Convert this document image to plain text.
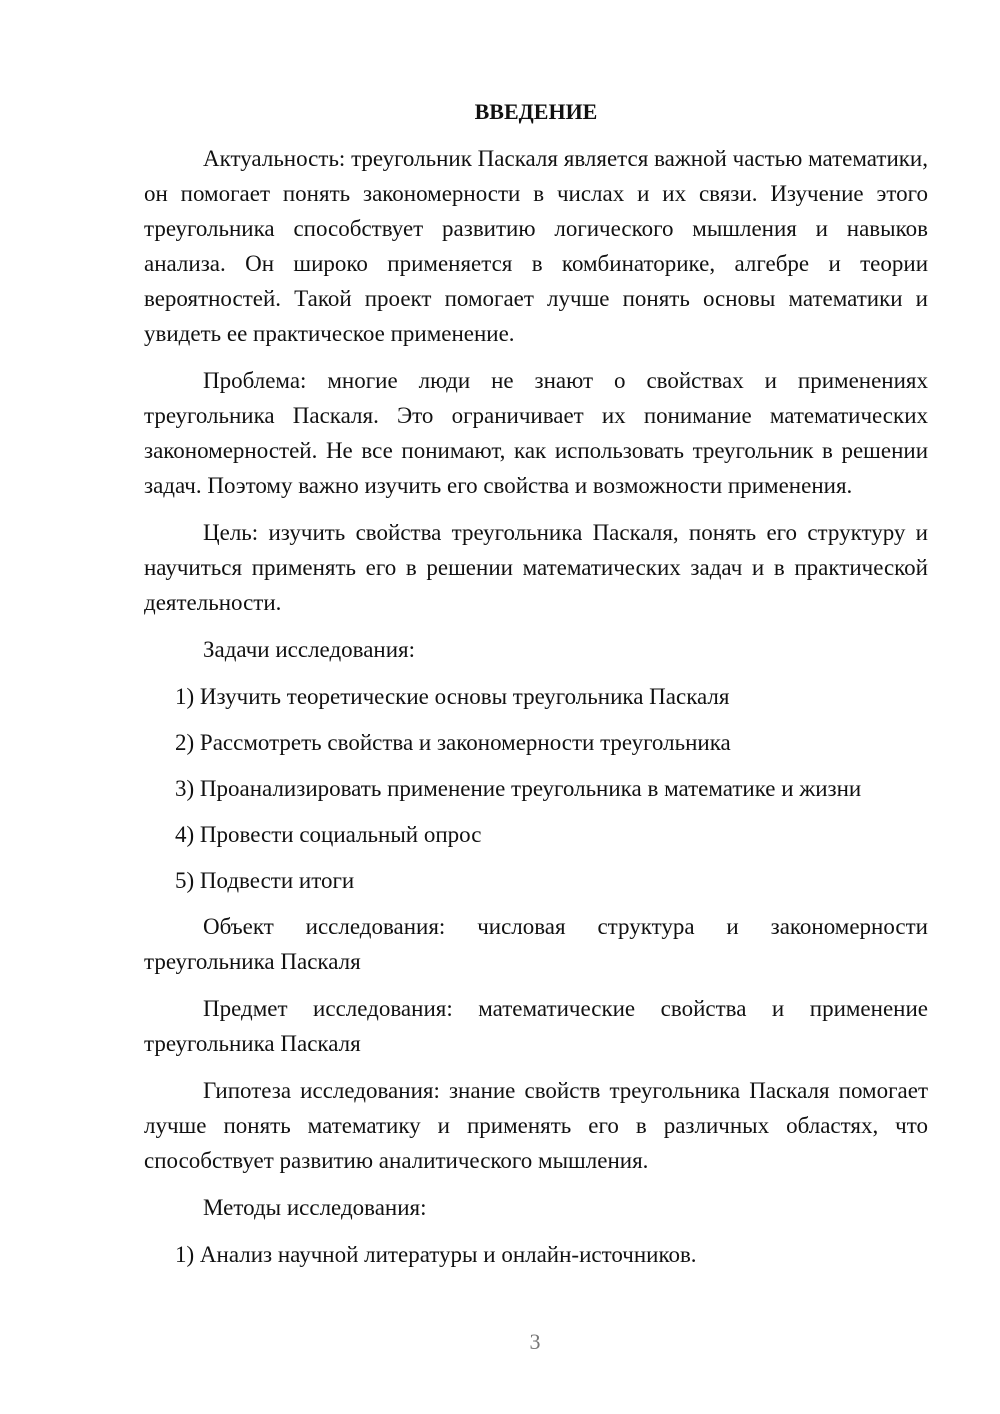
ВВЕДЕНИЕ

Актуальность: треугольник Паскаля является важной частью математики, он помогает понять закономерности в числах и их связи. Изучение этого треугольника способствует развитию логического мышления и навыков анализа. Он широко применяется в комбинаторике, алгебре и теории вероятностей. Такой проект помогает лучше понять основы математики и увидеть ее практическое применение.

Проблема: многие люди не знают о свойствах и применениях треугольника Паскаля. Это ограничивает их понимание математических закономерностей. Не все понимают, как использовать треугольник в решении задач. Поэтому важно изучить его свойства и возможности применения.

Цель: изучить свойства треугольника Паскаля, понять его структуру и научиться применять его в решении математических задач и в практической деятельности.

Задачи исследования:

1) Изучить теоретические основы треугольника Паскаля

2) Рассмотреть свойства и закономерности треугольника

3) Проанализировать применение треугольника в математике и жизни

4) Провести социальный опрос

5) Подвести итоги

Объект исследования: числовая структура и закономерности треугольника Паскаля

Предмет исследования: математические свойства и применение треугольника Паскаля

Гипотеза исследования: знание свойств треугольника Паскаля помогает лучше понять математику и применять его в различных областях, что способствует развитию аналитического мышления.

Методы исследования:

1) Анализ научной литературы и онлайн-источников.

3
